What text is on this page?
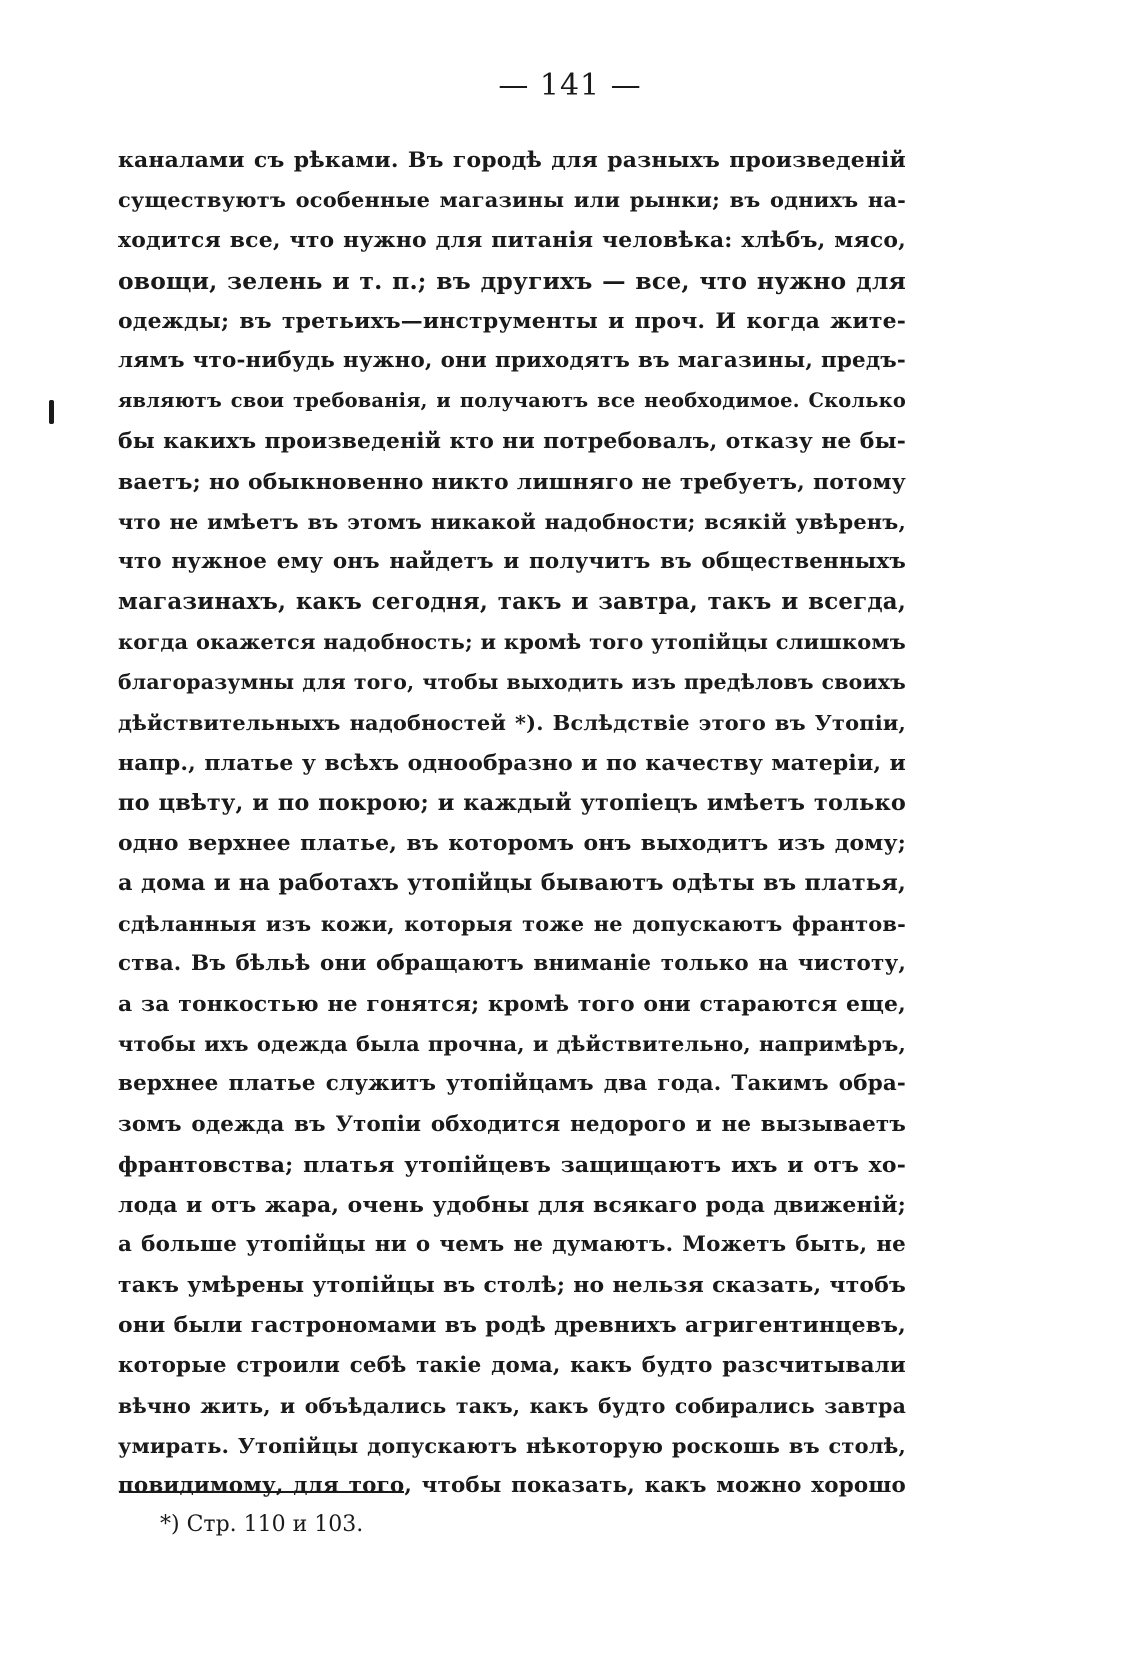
— 141 —
каналами съ рѣками. Въ городѣ для разныхъ произведенiй
существуютъ особенные магазины или рынки; въ однихъ на-
ходится все, что нужно для питанiя человѣка: хлѣбъ, мясо,
овощи, зелень и т. п.; въ другихъ — все, что нужно для
одежды; въ третьихъ—инструменты и проч. И когда жите-
лямъ что-нибудь нужно, они приходятъ въ магазины, предъ-
являютъ свои требованiя, и получаютъ все необходимое. Сколько
бы какихъ произведенiй кто ни потребовалъ, отказу не бы-
ваетъ; но обыкновенно никто лишняго не требуетъ, потому
что не имѣетъ въ этомъ никакой надобности; всякiй увѣренъ,
что нужное ему онъ найдетъ и получитъ въ общественныхъ
магазинахъ, какъ сегодня, такъ и завтра, такъ и всегда,
когда окажется надобность; и кромѣ того утопiйцы слишкомъ
благоразумны для того, чтобы выходить изъ предѣловъ своихъ
дѣйствительныхъ надобностей *). Вслѣдствiе этого въ Утопiи,
напр., платье у всѣхъ однообразно и по качеству матерiи, и
по цвѣту, и по покрою; и каждый утопiецъ имѣетъ только
одно верхнее платье, въ которомъ онъ выходитъ изъ дому;
а дома и на работахъ утопiйцы бываютъ одѣты въ платья,
сдѣланныя изъ кожи, которыя тоже не допускаютъ франтов-
ства. Въ бѣльѣ они обращаютъ вниманiе только на чистоту,
а за тонкостью не гонятся; кромѣ того они стараются еще,
чтобы ихъ одежда была прочна, и дѣйствительно, напримѣръ,
верхнее платье служитъ утопiйцамъ два года. Такимъ обра-
зомъ одежда въ Утопiи обходится недорого и не вызываетъ
франтовства; платья утопiйцевъ защищаютъ ихъ и отъ хо-
лода и отъ жара, очень удобны для всякаго рода движенiй;
а больше утопiйцы ни о чемъ не думаютъ. Можетъ быть, не
такъ умѣрены утопiйцы въ столѣ; но нельзя сказать, чтобъ
они были гастрономами въ родѣ древнихъ агригентинцевъ,
которые строили себѣ такiе дома, какъ будто разсчитывали
вѣчно жить, и объѣдались такъ, какъ будто собирались завтра
умирать. Утопiйцы допускаютъ нѣкоторую роскошь въ столѣ,
повидимому, для того, чтобы показать, какъ можно хорошо
*) Стр. 110 и 103.
